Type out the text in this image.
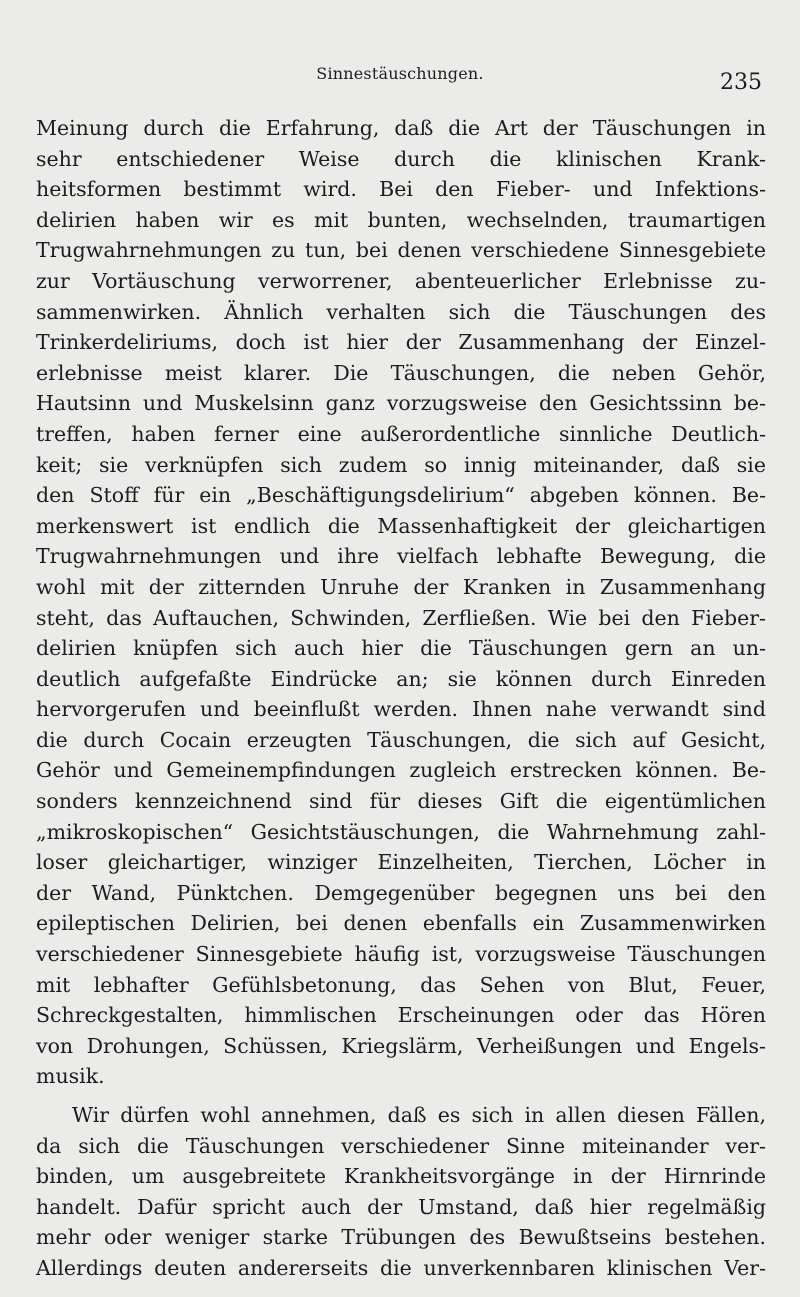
Sinnestäuschungen.	235
Meinung durch die Erfahrung, daß die Art der Täuschungen in
sehr entschiedener Weise durch die klinischen Krank-
heitsformen bestimmt wird. Bei den Fieber- und Infektions-
delirien haben wir es mit bunten, wechselnden, traumartigen
Trugwahrnehmungen zu tun, bei denen verschiedene Sinnesgebiete
zur Vortäuschung verworrener, abenteuerlicher Erlebnisse zu-
sammenwirken. Ähnlich verhalten sich die Täuschungen des
Trinkerdeliriums, doch ist hier der Zusammenhang der Einzel-
erlebnisse meist klarer. Die Täuschungen, die neben Gehör,
Hautsinn und Muskelsinn ganz vorzugsweise den Gesichtssinn be-
treffen, haben ferner eine außerordentliche sinnliche Deutlich-
keit; sie verknüpfen sich zudem so innig miteinander, daß sie
den Stoff für ein „Beschäftigungsdelirium“ abgeben können. Be-
merkenswert ist endlich die Massenhaftigkeit der gleichartigen
Trugwahrnehmungen und ihre vielfach lebhafte Bewegung, die
wohl mit der zitternden Unruhe der Kranken in Zusammenhang
steht, das Auftauchen, Schwinden, Zerfließen. Wie bei den Fieber-
delirien knüpfen sich auch hier die Täuschungen gern an un-
deutlich aufgefaßte Eindrücke an; sie können durch Einreden
hervorgerufen und beeinflußt werden. Ihnen nahe verwandt sind
die durch Cocain erzeugten Täuschungen, die sich auf Gesicht,
Gehör und Gemeinempfindungen zugleich erstrecken können. Be-
sonders kennzeichnend sind für dieses Gift die eigentümlichen
„mikroskopischen“ Gesichtstäuschungen, die Wahrnehmung zahl-
loser gleichartiger, winziger Einzelheiten, Tierchen, Löcher in
der Wand, Pünktchen. Demgegenüber begegnen uns bei den
epileptischen Delirien, bei denen ebenfalls ein Zusammenwirken
verschiedener Sinnesgebiete häufig ist, vorzugsweise Täuschungen
mit lebhafter Gefühlsbetonung, das Sehen von Blut, Feuer,
Schreckgestalten, himmlischen Erscheinungen oder das Hören
von Drohungen, Schüssen, Kriegslärm, Verheißungen und Engels-
musik.
Wir dürfen wohl annehmen, daß es sich in allen diesen Fällen,
da sich die Täuschungen verschiedener Sinne miteinander ver-
binden, um ausgebreitete Krankheitsvorgänge in der Hirnrinde
handelt. Dafür spricht auch der Umstand, daß hier regelmäßig
mehr oder weniger starke Trübungen des Bewußtseins bestehen.
Allerdings deuten andererseits die unverkennbaren klinischen Ver-
